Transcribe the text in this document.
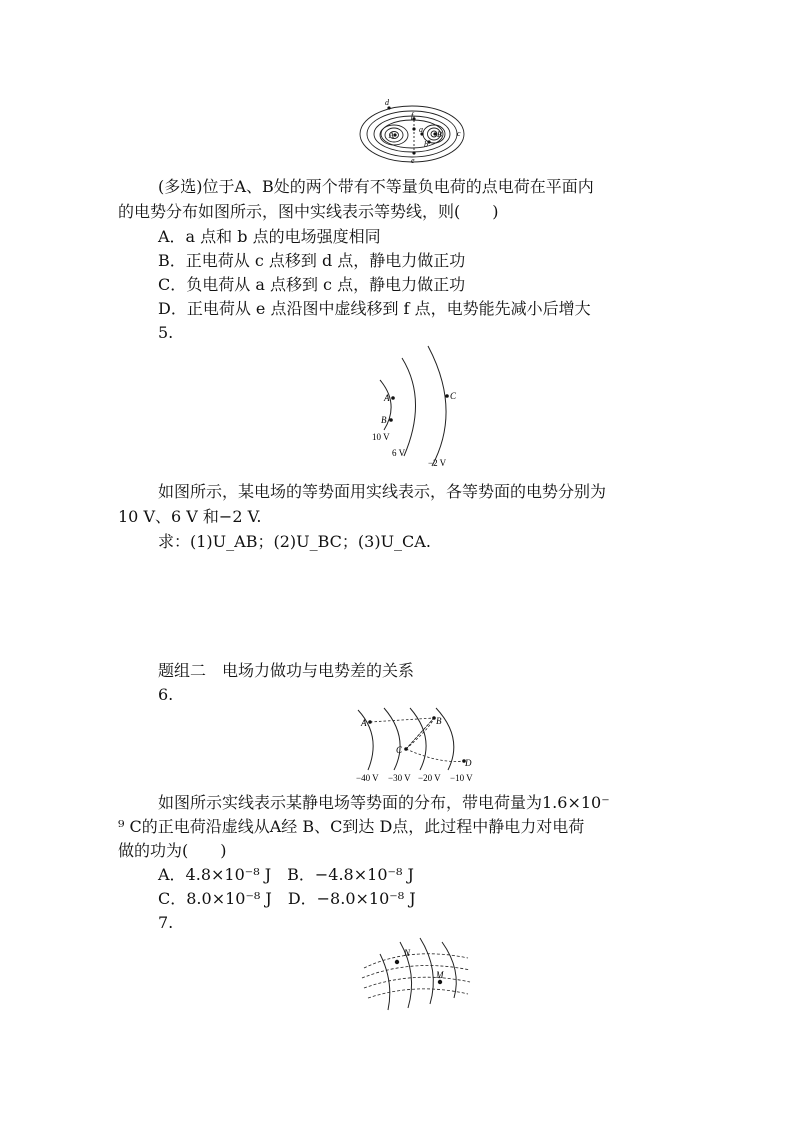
A	B
a
b
c
d
e
f
(多选)位于A、B处的两个带有不等量负电荷的点电荷在平面内
的电势分布如图所示，图中实线表示等势线，则(　　)
A．a 点和 b 点的电场强度相同
B．正电荷从 c 点移到 d 点，静电力做正功
C．负电荷从 a 点移到 c 点，静电力做正功
D．正电荷从 e 点沿图中虚线移到 f 点，电势能先减小后增大
5.
A
B
C
10 V
6 V
−2 V
如图所示，某电场的等势面用实线表示，各等势面的电势分别为
10 V、6 V 和−2 V.
求：(1)U_AB；(2)U_BC；(3)U_CA.
题组二　电场力做功与电势差的关系
6.
A	B
C
D
−40 V −30 V −20 V −10 V
如图所示实线表示某静电场等势面的分布，带电荷量为1.6×10⁻
⁹ C的正电荷沿虚线从A经 B、C到达 D点，此过程中静电力对电荷
做的功为(　　)
A．4.8×10⁻⁸ J　B．−4.8×10⁻⁸ J
C．8.0×10⁻⁸ J　D．−8.0×10⁻⁸ J
7.
N
M
